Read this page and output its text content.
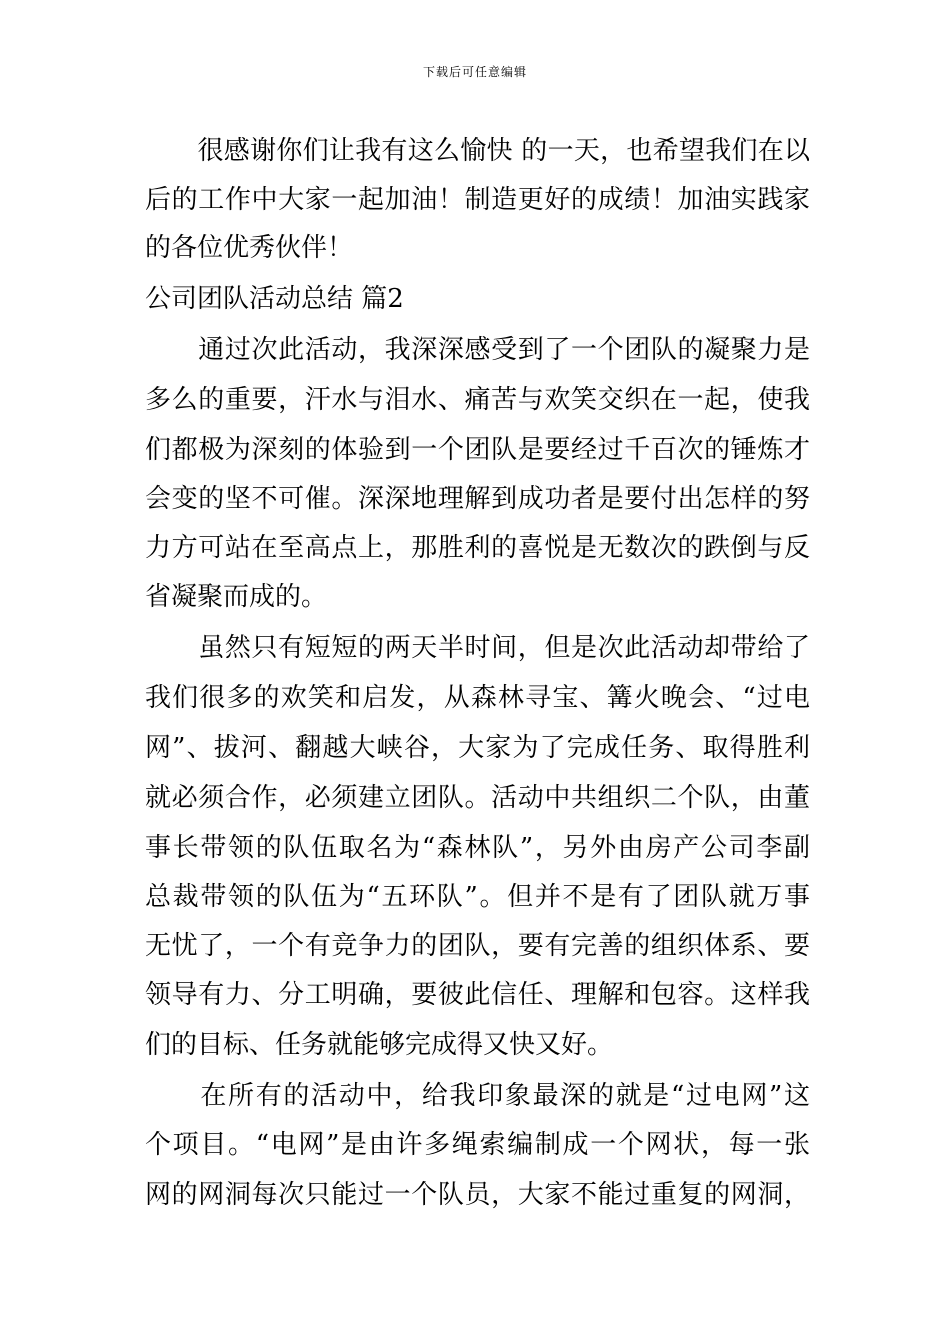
下载后可任意编辑
　　很感谢你们让我有这么愉快 的一天，也希望我们在以
后的工作中大家一起加油！制造更好的成绩！加油实践家
的各位优秀伙伴！
公司团队活动总结 篇2
　　通过次此活动，我深深感受到了一个团队的凝聚力是
多么的重要，汗水与泪水、痛苦与欢笑交织在一起，使我
们都极为深刻的体验到一个团队是要经过千百次的锤炼才
会变的坚不可催。深深地理解到成功者是要付出怎样的努
力方可站在至高点上，那胜利的喜悦是无数次的跌倒与反
省凝聚而成的。
　　虽然只有短短的两天半时间，但是次此活动却带给了
我们很多的欢笑和启发，从森林寻宝、篝火晚会、“过电
网”、拔河、翻越大峡谷，大家为了完成任务、取得胜利
就必须合作，必须建立团队。活动中共组织二个队，由董
事长带领的队伍取名为“森林队”，另外由房产公司李副
总裁带领的队伍为“五环队”。但并不是有了团队就万事
无忧了，一个有竞争力的团队，要有完善的组织体系、要
领导有力、分工明确，要彼此信任、理解和包容。这样我
们的目标、任务就能够完成得又快又好。
　　在所有的活动中，给我印象最深的就是“过电网”这
个项目。“电网”是由许多绳索编制成一个网状，每一张
网的网洞每次只能过一个队员，大家不能过重复的网洞，
